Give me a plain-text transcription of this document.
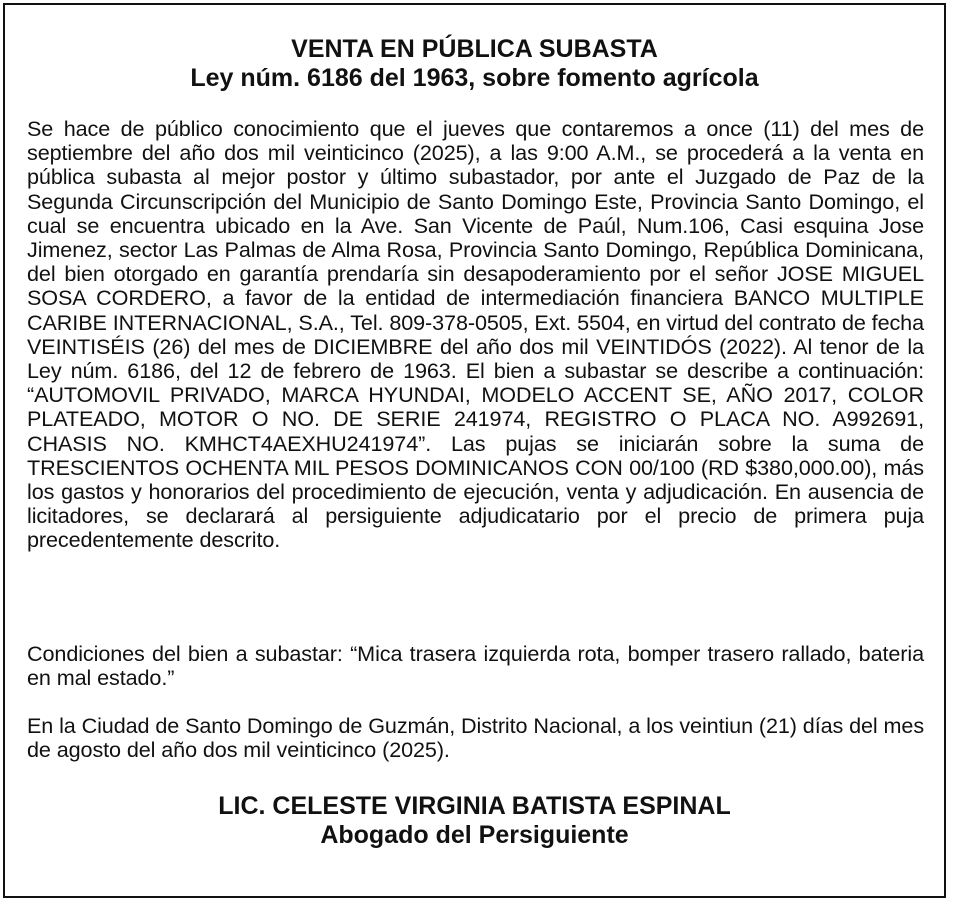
VENTA EN PÚBLICA SUBASTA

Ley núm. 6186 del 1963, sobre fomento agrícola

Se hace de público conocimiento que el jueves que contaremos a once (11) del mes de septiembre del año dos mil veinticinco (2025), a las 9:00 A.M., se procederá a la venta en pública subasta al mejor postor y último subastador, por ante el Juzgado de Paz de la Segunda Circunscripción del Municipio de Santo Domingo Este, Provincia Santo Domingo, el cual se encuentra ubicado en la Ave. San Vicente de Paúl, Num.106, Casi esquina Jose Jimenez, sector Las Palmas de Alma Rosa, Provincia Santo Domingo, República Dominicana, del bien otorgado en garantía prendaría sin desapoderamiento por el señor JOSE MIGUEL SOSA CORDERO, a favor de la entidad de intermediación financiera BANCO MULTIPLE CARIBE INTERNACIONAL, S.A., Tel. 809-378-0505, Ext. 5504, en virtud del contrato de fecha VEINTISÉIS (26) del mes de DICIEMBRE del año dos mil VEINTIDÓS (2022). Al tenor de la Ley núm. 6186, del 12 de febrero de 1963. El bien a subastar se describe a continuación: “AUTOMOVIL PRIVADO, MARCA HYUNDAI, MODELO ACCENT SE, AÑO 2017, COLOR PLATEADO, MOTOR O NO. DE SERIE 241974, REGISTRO O PLACA NO. A992691, CHASIS NO. KMHCT4AEXHU241974”. Las pujas se iniciarán sobre la suma de TRESCIENTOS OCHENTA MIL PESOS DOMINICANOS CON 00/100 (RD $380,000.00), más los gastos y honorarios del procedimiento de ejecución, venta y adjudicación. En ausencia de licitadores, se declarará al persiguiente adjudicatario por el precio de primera puja precedentemente descrito.

Condiciones del bien a subastar: “Mica trasera izquierda rota, bomper trasero rallado, bateria en mal estado.”

En la Ciudad de Santo Domingo de Guzmán, Distrito Nacional, a los veintiun (21) días del mes de agosto del año dos mil veinticinco (2025).

LIC. CELESTE VIRGINIA BATISTA ESPINAL

Abogado del Persiguiente
